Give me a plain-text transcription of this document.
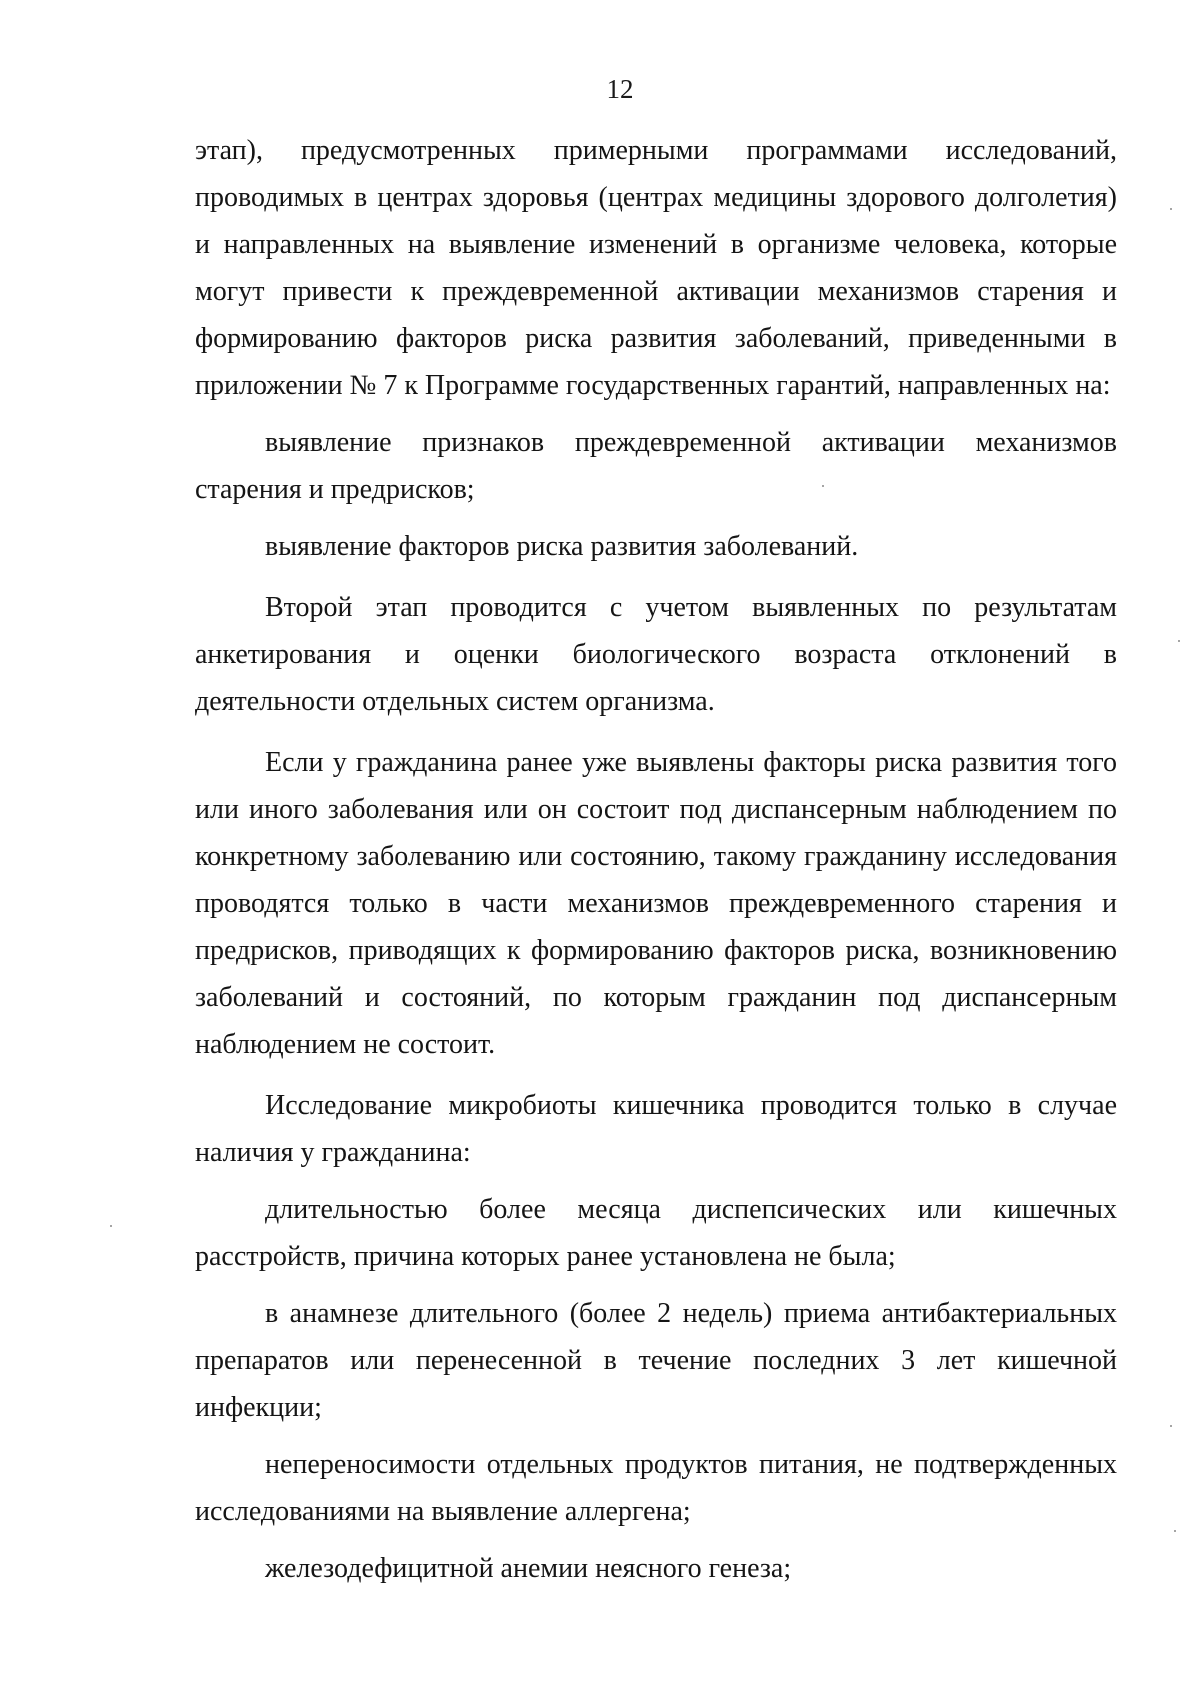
12

этап), предусмотренных примерными программами исследований, проводимых в центрах здоровья (центрах медицины здорового долголетия) и направленных на выявление изменений в организме человека, которые могут привести к преждевременной активации механизмов старения и формированию факторов риска развития заболеваний, приведенными в приложении № 7 к Программе государственных гарантий, направленных на:

выявление признаков преждевременной активации механизмов старения и предрисков;

выявление факторов риска развития заболеваний.

Второй этап проводится с учетом выявленных по результатам анкетирования и оценки биологического возраста отклонений в деятельности отдельных систем организма.

Если у гражданина ранее уже выявлены факторы риска развития того или иного заболевания или он состоит под диспансерным наблюдением по конкретному заболеванию или состоянию, такому гражданину исследования проводятся только в части механизмов преждевременного старения и предрисков, приводящих к формированию факторов риска, возникновению заболеваний и состояний, по которым гражданин под диспансерным наблюдением не состоит.

Исследование микробиоты кишечника проводится только в случае наличия у гражданина:

длительностью более месяца диспепсических или кишечных расстройств, причина которых ранее установлена не была;

в анамнезе длительного (более 2 недель) приема антибактериальных препаратов или перенесенной в течение последних 3 лет кишечной инфекции;

непереносимости отдельных продуктов питания, не подтвержденных исследованиями на выявление аллергена;

железодефицитной анемии неясного генеза;
